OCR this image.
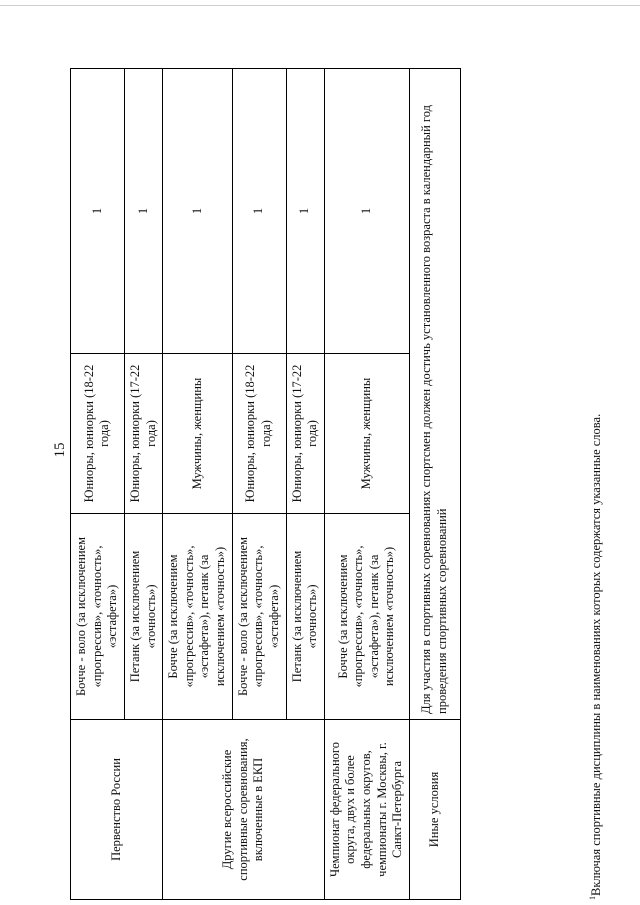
15
Первенство России	Бочче - воло (за исключением «прогрессив», «точность», «эстафета»)	Юниоры, юниорки (18-22 года)	1
	Петанк (за исключением «точность»)	Юниоры, юниорки (17-22 года)	1
Другие всероссийские спортивные соревнования, включенные в ЕКП	Бочче (за исключением «прогрессив», «точность», «эстафета»), петанк (за исключением «точность»)	Мужчины, женщины	1
	Бочче - воло (за исключением «прогрессив», «точность», «эстафета»)	Юниоры, юниорки (18-22 года)	1
	Петанк (за исключением «точность»)	Юниоры, юниорки (17-22 года)	1
Чемпионат федерального округа, двух и более федеральных округов, чемпионаты г. Москвы, г. Санкт-Петербурга	Бочче (за исключением «прогрессив», «точность», «эстафета»), петанк (за исключением «точность»)	Мужчины, женщины	1
Иные условия	Для участия в спортивных соревнованиях спортсмен должен достичь установленного возраста в календарный год проведения спортивных соревнований		
$^1$Включая спортивные дисциплины в наименованиях которых содержатся указанные слова.
